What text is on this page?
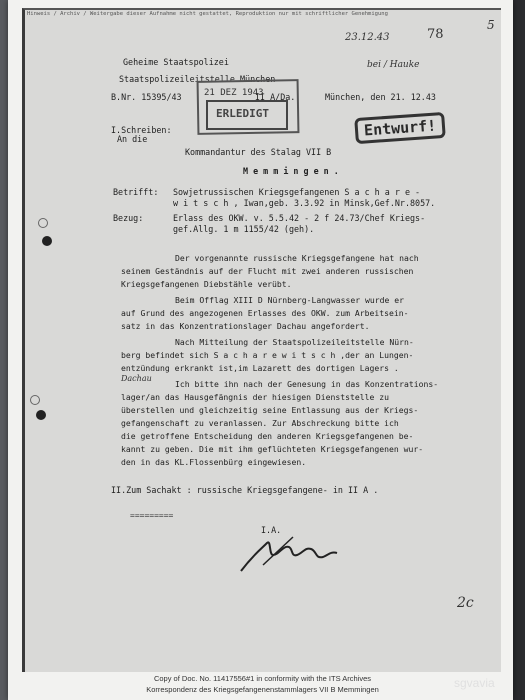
Hinweis / Archiv / Weitergabe dieser Aufnahme nicht gestattet, Reproduktion nur mit schriftlicher Genehmigung
78
5
23.12.43
bei / Hauke
Geheime Staatspolizei
Staatspolizeileitstelle München
B.Nr. 15395/43	II A/Da.	München, den 21. 12.43
I.Schreiben:
An die
Kommandantur des Stalag VII B
M e m m i n g e n .
Betrifft: Sowjetrussischen Kriegsgefangenen S a c h a r e -
w i t s c h , Iwan,geb. 3.3.92 in Minsk,Gef.Nr.8057.
Bezug:	Erlass des OKW. v. 5.5.42 - 2 f 24.73/Chef Kriegs-
gef.Allg. 1 m 1155/42 (geh).
Der vorgenannte russische Kriegsgefangene hat nach
seinem Geständnis auf der Flucht mit zwei anderen russischen
Kriegsgefangenen Diebstähle verübt.
Beim Offlag XIII D Nürnberg-Langwasser wurde er
auf Grund des angezogenen Erlasses des OKW. zum Arbeitsein-
satz in das Konzentrationslager Dachau angefordert.
Nach Mitteilung der Staatspolizeileitstelle Nürn-
berg befindet sich S a c h a r e w i t s c h ,der an Lungen-
entzündung erkrankt ist,im Lazarett des dortigen Lagers .
Ich bitte ihn nach der Genesung in das Konzentrations-
lager/an das Hausgefängnis der hiesigen Dienststelle zu
überstellen und gleichzeitig seine Entlassung aus der Kriegs-
gefangenschaft zu veranlassen. Zur Abschreckung bitte ich
die getroffene Entscheidung den anderen Kriegsgefangenen be-
kannt zu geben. Die mit ihm geflüchteten Kriegsgefangenen wur-
den in das KL.Flossenbürg eingewiesen.
Dachau
II.Zum Sachakt : russische Kriegsgefangene- in II A .
=========
I.A.
2c
21 DEZ 1943
ERLEDIGT
Entwurf!
Copy of Doc. No. 11417556#1 in conformity with the ITS Archives
Korrespondenz des Kriegsgefangenenstammlagers VII B Memmingen	sgvavia
